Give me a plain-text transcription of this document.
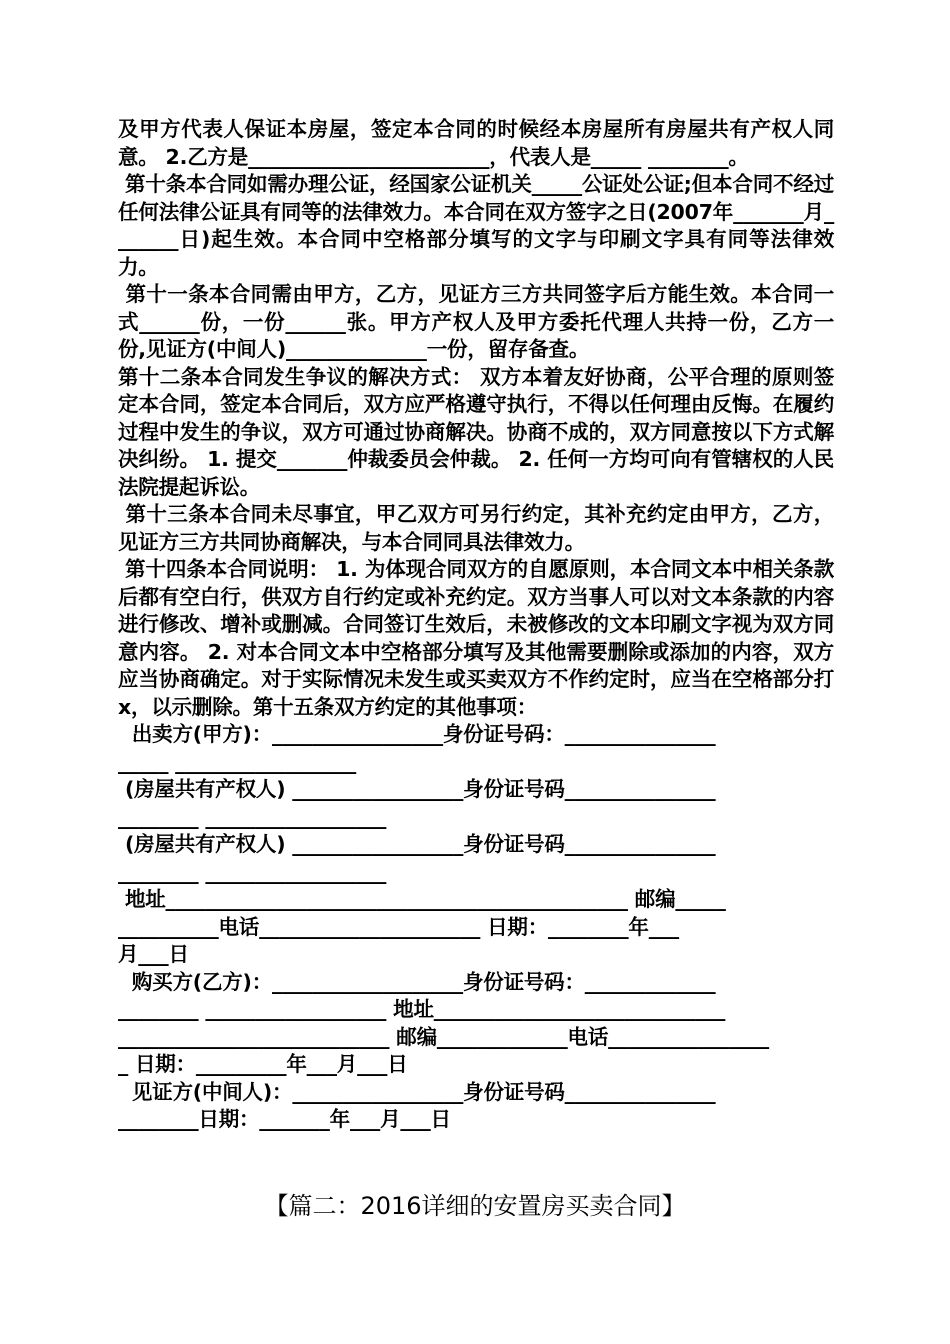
及甲方代表人保证本房屋，签定本合同的时候经本房屋所有房屋共有产权人同意。 2.乙方是________________________，代表人是_____ ________。
第十条本合同如需办理公证，经国家公证机关_____公证处公证;但本合同不经过任何法律公证具有同等的法律效力。本合同在双方签字之日(2007年_______月_______日)起生效。本合同中空格部分填写的文字与印刷文字具有同等法律效力。
第十一条本合同需由甲方，乙方，见证方三方共同签字后方能生效。本合同一式______份，一份______张。甲方产权人及甲方委托代理人共持一份，乙方一份,见证方(中间人)______________一份，留存备查。
第十二条本合同发生争议的解决方式： 双方本着友好协商，公平合理的原则签定本合同，签定本合同后，双方应严格遵守执行，不得以任何理由反悔。在履约过程中发生的争议，双方可通过协商解决。协商不成的，双方同意按以下方式解决纠纷。 1. 提交_______仲裁委员会仲裁。 2. 任何一方均可向有管辖权的人民法院提起诉讼。
第十三条本合同未尽事宜，甲乙双方可另行约定，其补充约定由甲方，乙方，见证方三方共同协商解决，与本合同同具法律效力。
第十四条本合同说明： 1. 为体现合同双方的自愿原则，本合同文本中相关条款后都有空白行，供双方自行约定或补充约定。双方当事人可以对文本条款的内容进行修改、增补或删减。合同签订生效后，未被修改的文本印刷文字视为双方同意内容。 2. 对本合同文本中空格部分填写及其他需要删除或添加的内容，双方应当协商确定。对于实际情况未发生或买卖双方不作约定时，应当在空格部分打 x，以示删除。第十五条双方约定的其他事项：
出卖方(甲方)：_________________身份证号码：_______________
_____ __________________
(房屋共有产权人) _________________身份证号码_______________
________ __________________
(房屋共有产权人) _________________身份证号码_______________
________ __________________
地址______________________________________________ 邮编_____
__________电话______________________ 日期：________年___
月___日
购买方(乙方)：___________________身份证号码：_____________
________ __________________ 地址_____________________________
___________________________ 邮编_____________电话________________
_ 日期：_________年___月___日
见证方(中间人)：_________________身份证号码_______________
________日期：_______年___月___日
【篇二：2016详细的安置房买卖合同】
